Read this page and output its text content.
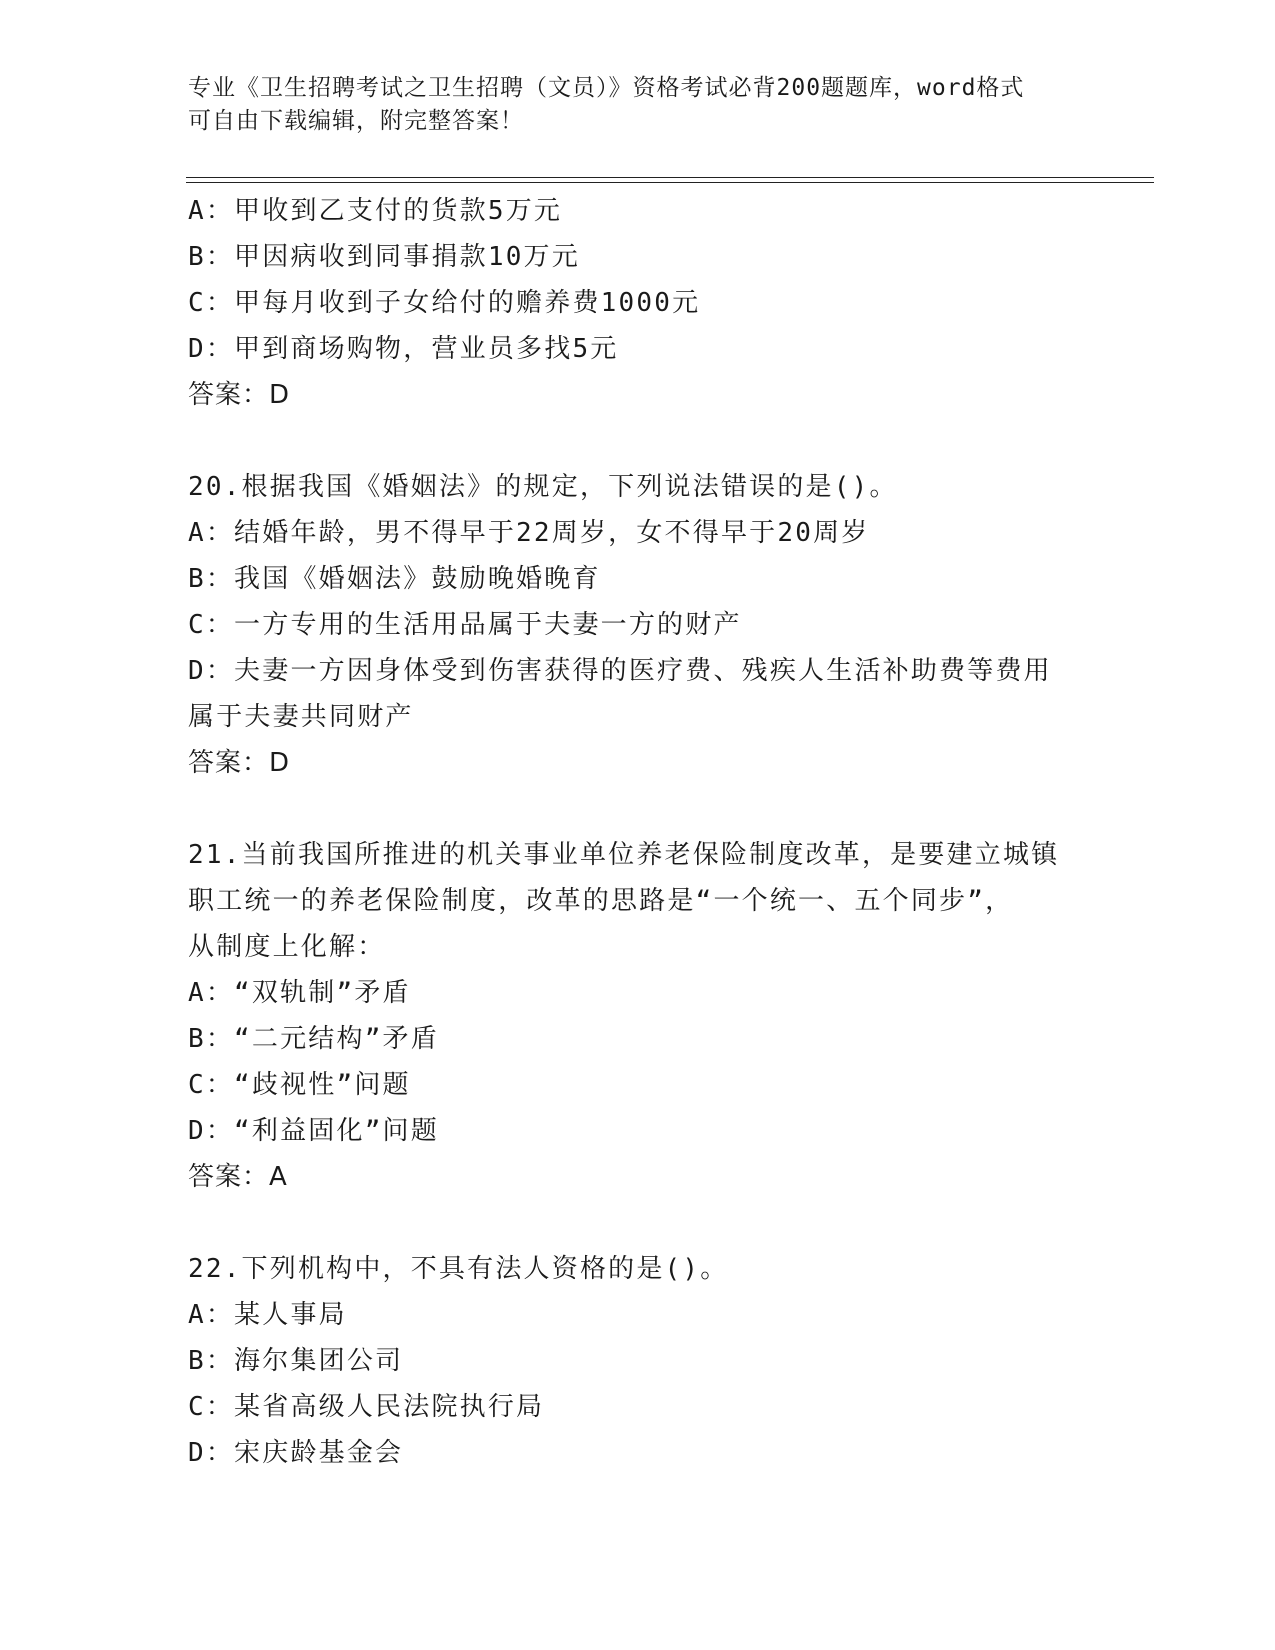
专业《卫生招聘考试之卫生招聘（文员）》资格考试必背200题题库，word格式
可自由下载编辑，附完整答案！
A：甲收到乙支付的货款5万元
B：甲因病收到同事捐款10万元
C：甲每月收到子女给付的赡养费1000元
D：甲到商场购物，营业员多找5元
答案：D
20.根据我国《婚姻法》的规定，下列说法错误的是()。
A：结婚年龄，男不得早于22周岁，女不得早于20周岁
B：我国《婚姻法》鼓励晚婚晚育
C：一方专用的生活用品属于夫妻一方的财产
D：夫妻一方因身体受到伤害获得的医疗费、残疾人生活补助费等费用
属于夫妻共同财产
答案：D
21.当前我国所推进的机关事业单位养老保险制度改革，是要建立城镇
职工统一的养老保险制度，改革的思路是“一个统一、五个同步”，
从制度上化解：
A：“双轨制”矛盾
B：“二元结构”矛盾
C：“歧视性”问题
D：“利益固化”问题
答案：A
22.下列机构中，不具有法人资格的是()。
A：某人事局
B：海尔集团公司
C：某省高级人民法院执行局
D：宋庆龄基金会
